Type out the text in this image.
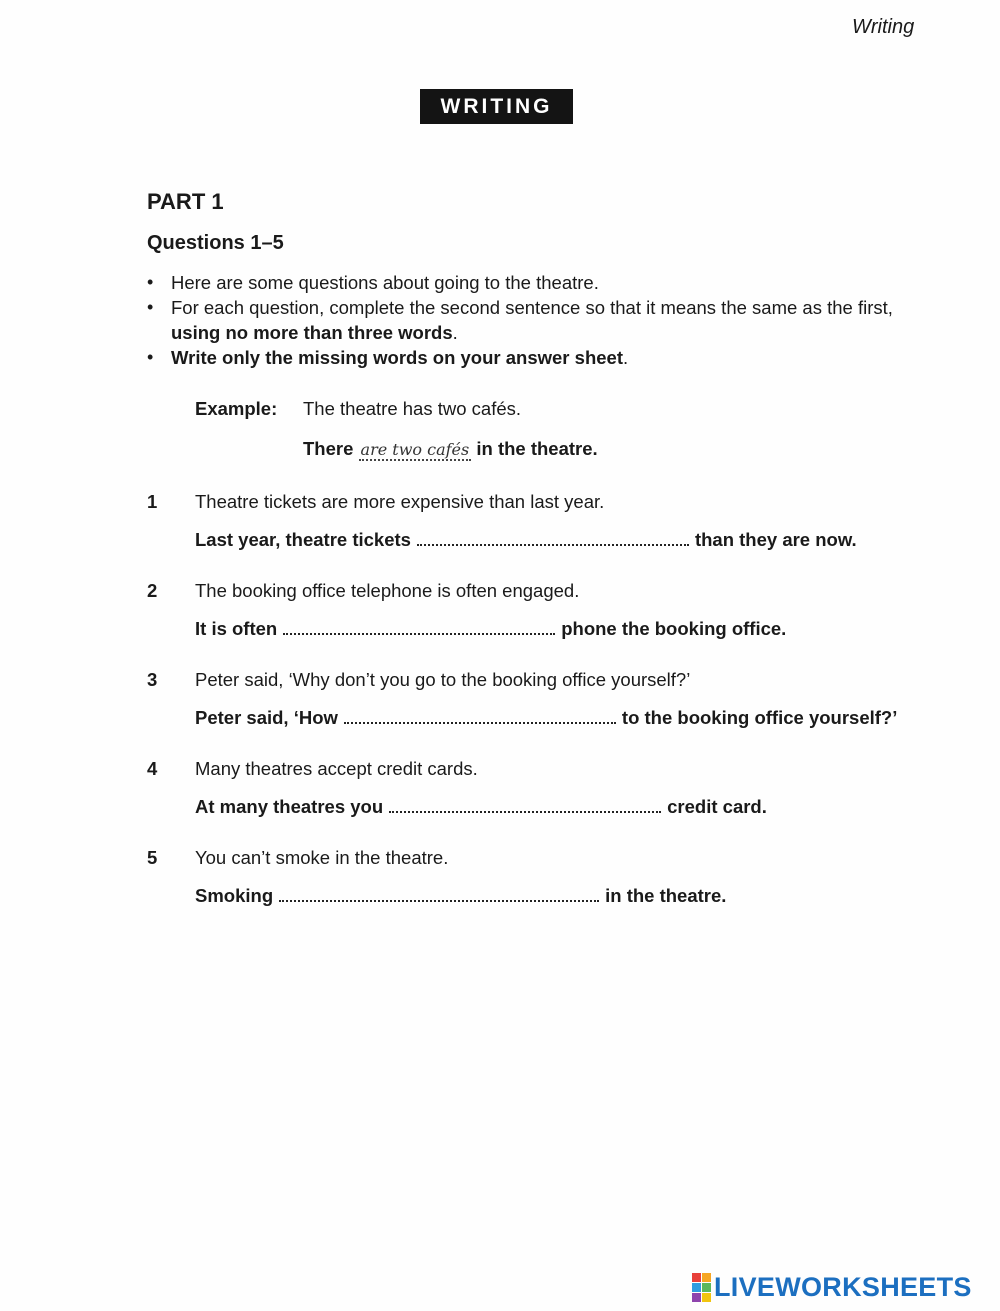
Writing
WRITING
PART 1
Questions 1–5
• Here are some questions about going to the theatre.
• For each question, complete the second sentence so that it means the same as the first,
using no more than three words.
• Write only the missing words on your answer sheet.
Example: The theatre has two cafés.
There are two cafés in the theatre.
1 Theatre tickets are more expensive than last year.
Last year, theatre tickets	than they are now.
2 The booking office telephone is often engaged.
It is often	phone the booking office.
3 Peter said, ‘Why don’t you go to the booking office yourself?’
Peter said, ‘How	to the booking office yourself?’
4 Many theatres accept credit cards.
At many theatres you	credit card.
5 You can’t smoke in the theatre.
Smoking	in the theatre.
LIVEWORKSHEETS
